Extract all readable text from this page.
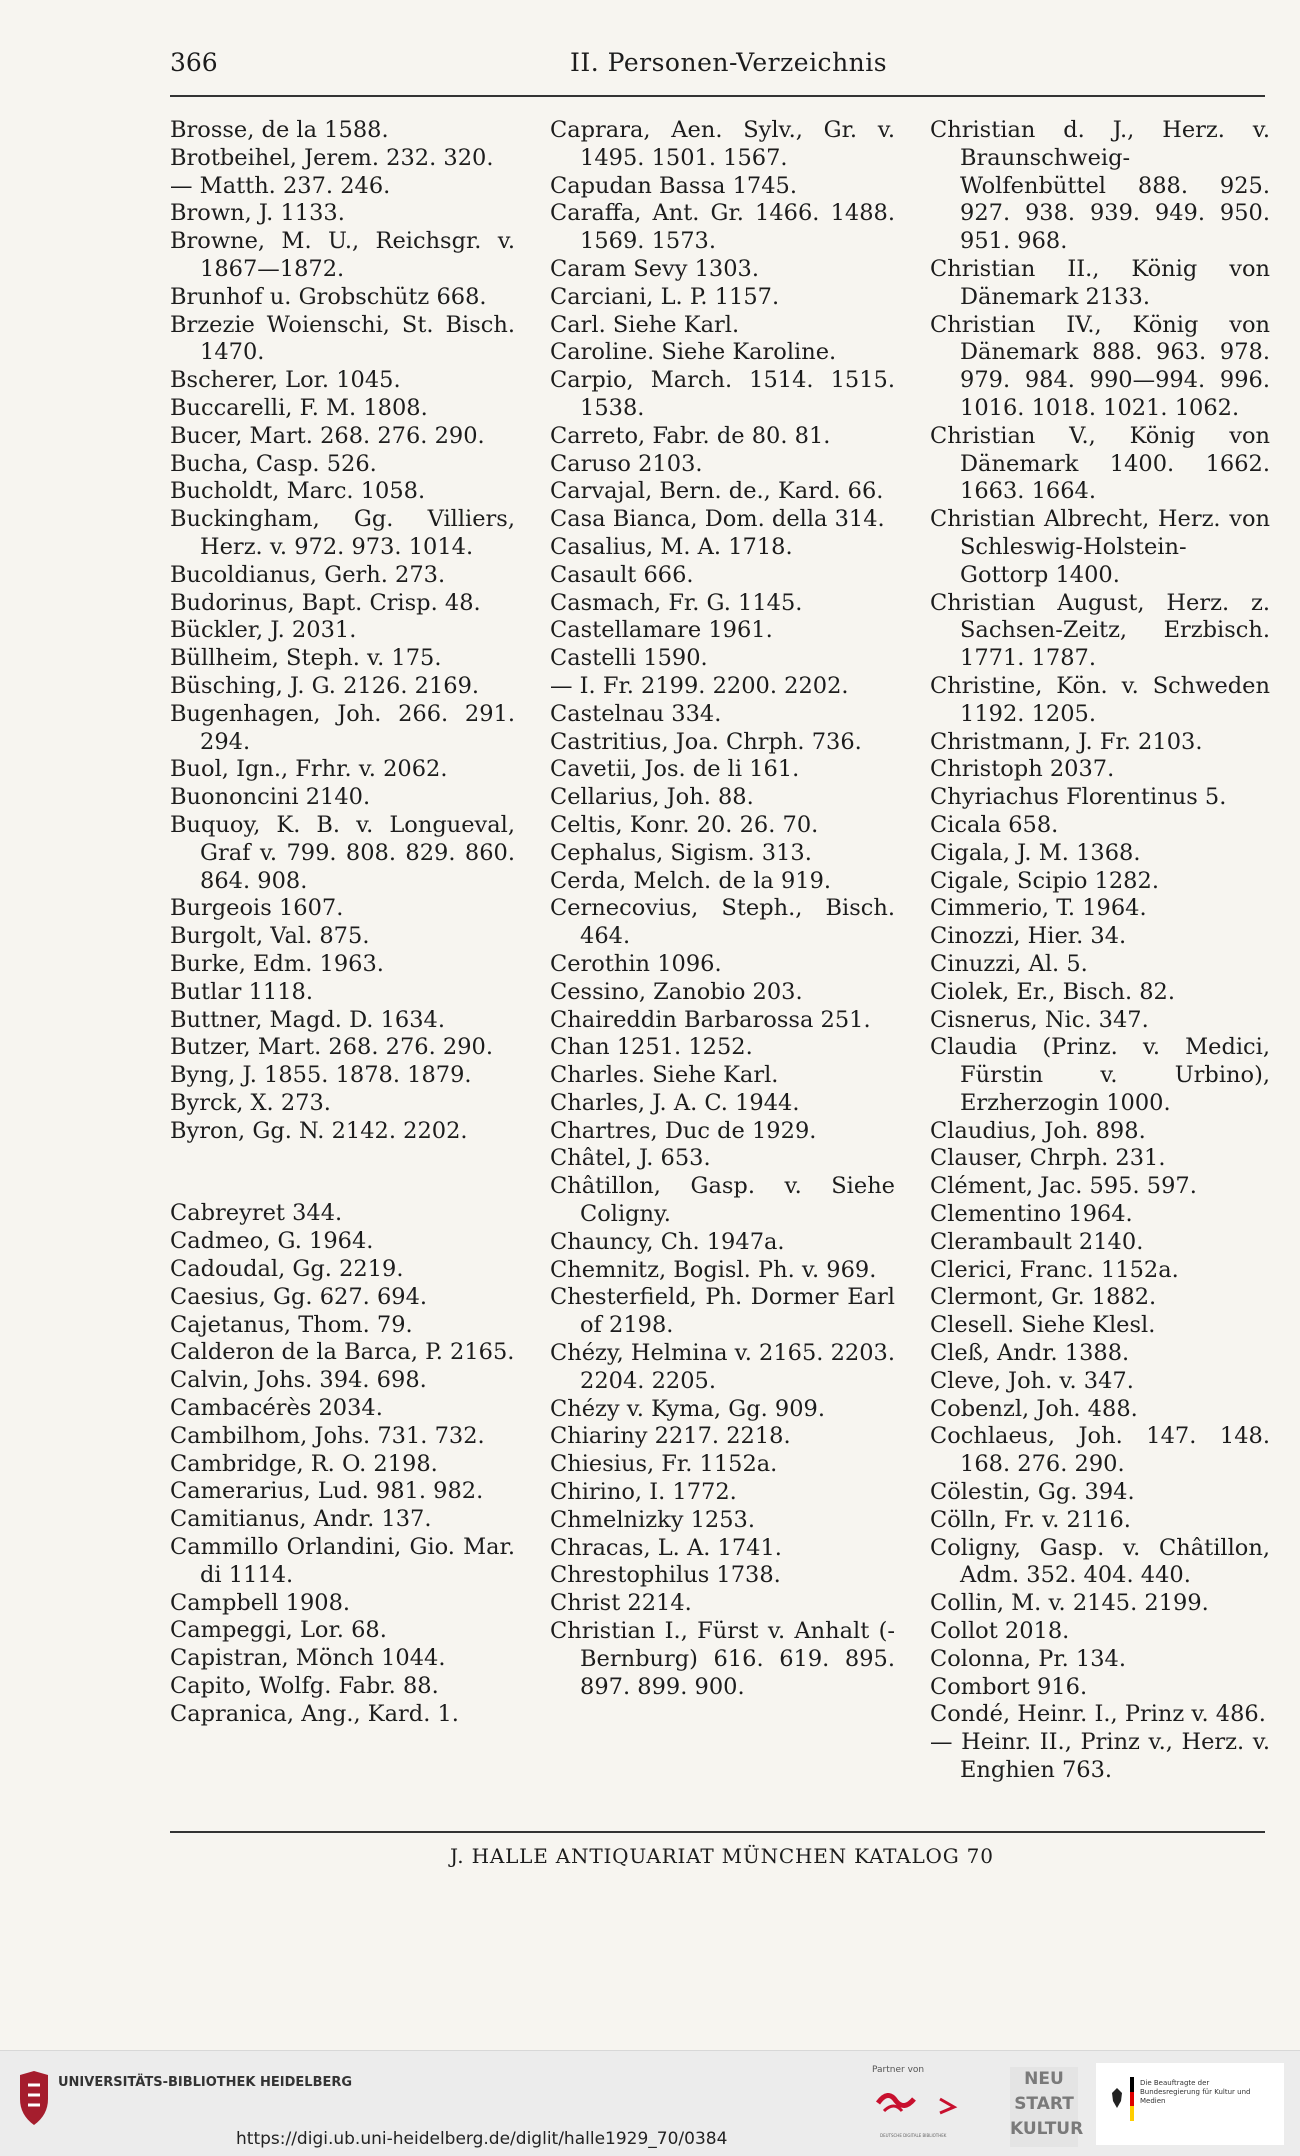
366	II. Personen-Verzeichnis
Brosse, de la 1588.
Brotbeihel, Jerem. 232. 320.
— Matth. 237. 246.
Brown, J. 1133.
Browne, M. U., Reichsgr. v. 1867—1872.
Brunhof u. Grobschütz 668.
Brzezie Woienschi, St. Bisch. 1470.
Bscherer, Lor. 1045.
Buccarelli, F. M. 1808.
Bucer, Mart. 268. 276. 290.
Bucha, Casp. 526.
Bucholdt, Marc. 1058.
Buckingham, Gg. Villiers, Herz. v. 972. 973. 1014.
Bucoldianus, Gerh. 273.
Budorinus, Bapt. Crisp. 48.
Bückler, J. 2031.
Büllheim, Steph. v. 175.
Büsching, J. G. 2126. 2169.
Bugenhagen, Joh. 266. 291. 294.
Buol, Ign., Frhr. v. 2062.
Buononcini 2140.
Buquoy, K. B. v. Longueval, Graf v. 799. 808. 829. 860. 864. 908.
Burgeois 1607.
Burgolt, Val. 875.
Burke, Edm. 1963.
Butlar 1118.
Buttner, Magd. D. 1634.
Butzer, Mart. 268. 276. 290.
Byng, J. 1855. 1878. 1879.
Byrck, X. 273.
Byron, Gg. N. 2142. 2202.
Cabreyret 344.
Cadmeo, G. 1964.
Cadoudal, Gg. 2219.
Caesius, Gg. 627. 694.
Cajetanus, Thom. 79.
Calderon de la Barca, P. 2165.
Calvin, Johs. 394. 698.
Cambacérès 2034.
Cambilhom, Johs. 731. 732.
Cambridge, R. O. 2198.
Camerarius, Lud. 981. 982.
Camitianus, Andr. 137.
Cammillo Orlandini, Gio. Mar. di 1114.
Campbell 1908.
Campeggi, Lor. 68.
Capistran, Mönch 1044.
Capito, Wolfg. Fabr. 88.
Capranica, Ang., Kard. 1.
Caprara, Aen. Sylv., Gr. v. 1495. 1501. 1567.
Capudan Bassa 1745.
Caraffa, Ant. Gr. 1466. 1488. 1569. 1573.
Caram Sevy 1303.
Carciani, L. P. 1157.
Carl. Siehe Karl.
Caroline. Siehe Karoline.
Carpio, March. 1514. 1515. 1538.
Carreto, Fabr. de 80. 81.
Caruso 2103.
Carvajal, Bern. de., Kard. 66.
Casa Bianca, Dom. della 314.
Casalius, M. A. 1718.
Casault 666.
Casmach, Fr. G. 1145.
Castellamare 1961.
Castelli 1590.
— I. Fr. 2199. 2200. 2202.
Castelnau 334.
Castritius, Joa. Chrph. 736.
Cavetii, Jos. de li 161.
Cellarius, Joh. 88.
Celtis, Konr. 20. 26. 70.
Cephalus, Sigism. 313.
Cerda, Melch. de la 919.
Cernecovius, Steph., Bisch. 464.
Cerothin 1096.
Cessino, Zanobio 203.
Chaireddin Barbarossa 251.
Chan 1251. 1252.
Charles. Siehe Karl.
Charles, J. A. C. 1944.
Chartres, Duc de 1929.
Châtel, J. 653.
Châtillon, Gasp. v. Siehe Coligny.
Chauncy, Ch. 1947a.
Chemnitz, Bogisl. Ph. v. 969.
Chesterfield, Ph. Dormer Earl of 2198.
Chézy, Helmina v. 2165. 2203. 2204. 2205.
Chézy v. Kyma, Gg. 909.
Chiariny 2217. 2218.
Chiesius, Fr. 1152a.
Chirino, I. 1772.
Chmelnizky 1253.
Chracas, L. A. 1741.
Chrestophilus 1738.
Christ 2214.
Christian I., Fürst v. Anhalt (-Bernburg) 616. 619. 895. 897. 899. 900.
Christian d. J., Herz. v. Braunschweig-Wolfenbüttel 888. 925. 927. 938. 939. 949. 950. 951. 968.
Christian II., König von Dänemark 2133.
Christian IV., König von Dänemark 888. 963. 978. 979. 984. 990—994. 996. 1016. 1018. 1021. 1062.
Christian V., König von Dänemark 1400. 1662. 1663. 1664.
Christian Albrecht, Herz. von Schleswig-Holstein-Gottorp 1400.
Christian August, Herz. z. Sachsen-Zeitz, Erzbisch. 1771. 1787.
Christine, Kön. v. Schweden 1192. 1205.
Christmann, J. Fr. 2103.
Christoph 2037.
Chyriachus Florentinus 5.
Cicala 658.
Cigala, J. M. 1368.
Cigale, Scipio 1282.
Cimmerio, T. 1964.
Cinozzi, Hier. 34.
Cinuzzi, Al. 5.
Ciolek, Er., Bisch. 82.
Cisnerus, Nic. 347.
Claudia (Prinz. v. Medici, Fürstin v. Urbino), Erzherzogin 1000.
Claudius, Joh. 898.
Clauser, Chrph. 231.
Clément, Jac. 595. 597.
Clementino 1964.
Clerambault 2140.
Clerici, Franc. 1152a.
Clermont, Gr. 1882.
Clesell. Siehe Klesl.
Cleß, Andr. 1388.
Cleve, Joh. v. 347.
Cobenzl, Joh. 488.
Cochlaeus, Joh. 147. 148. 168. 276. 290.
Cölestin, Gg. 394.
Cölln, Fr. v. 2116.
Coligny, Gasp. v. Châtillon, Adm. 352. 404. 440.
Collin, M. v. 2145. 2199.
Collot 2018.
Colonna, Pr. 134.
Combort 916.
Condé, Heinr. I., Prinz v. 486.
— Heinr. II., Prinz v., Herz. v. Enghien 763.
J. HALLE ANTIQUARIAT MÜNCHEN KATALOG 70
UNIVERSITÄTS-BIBLIOTHEK HEIDELBERG
https://digi.ub.uni-heidelberg.de/diglit/halle1929_70/0384
Partner von
DEUTSCHE DIGITALE BIBLIOTHEK
NEU START KULTUR
Die Beauftragte der Bundesregierung für Kultur und Medien
